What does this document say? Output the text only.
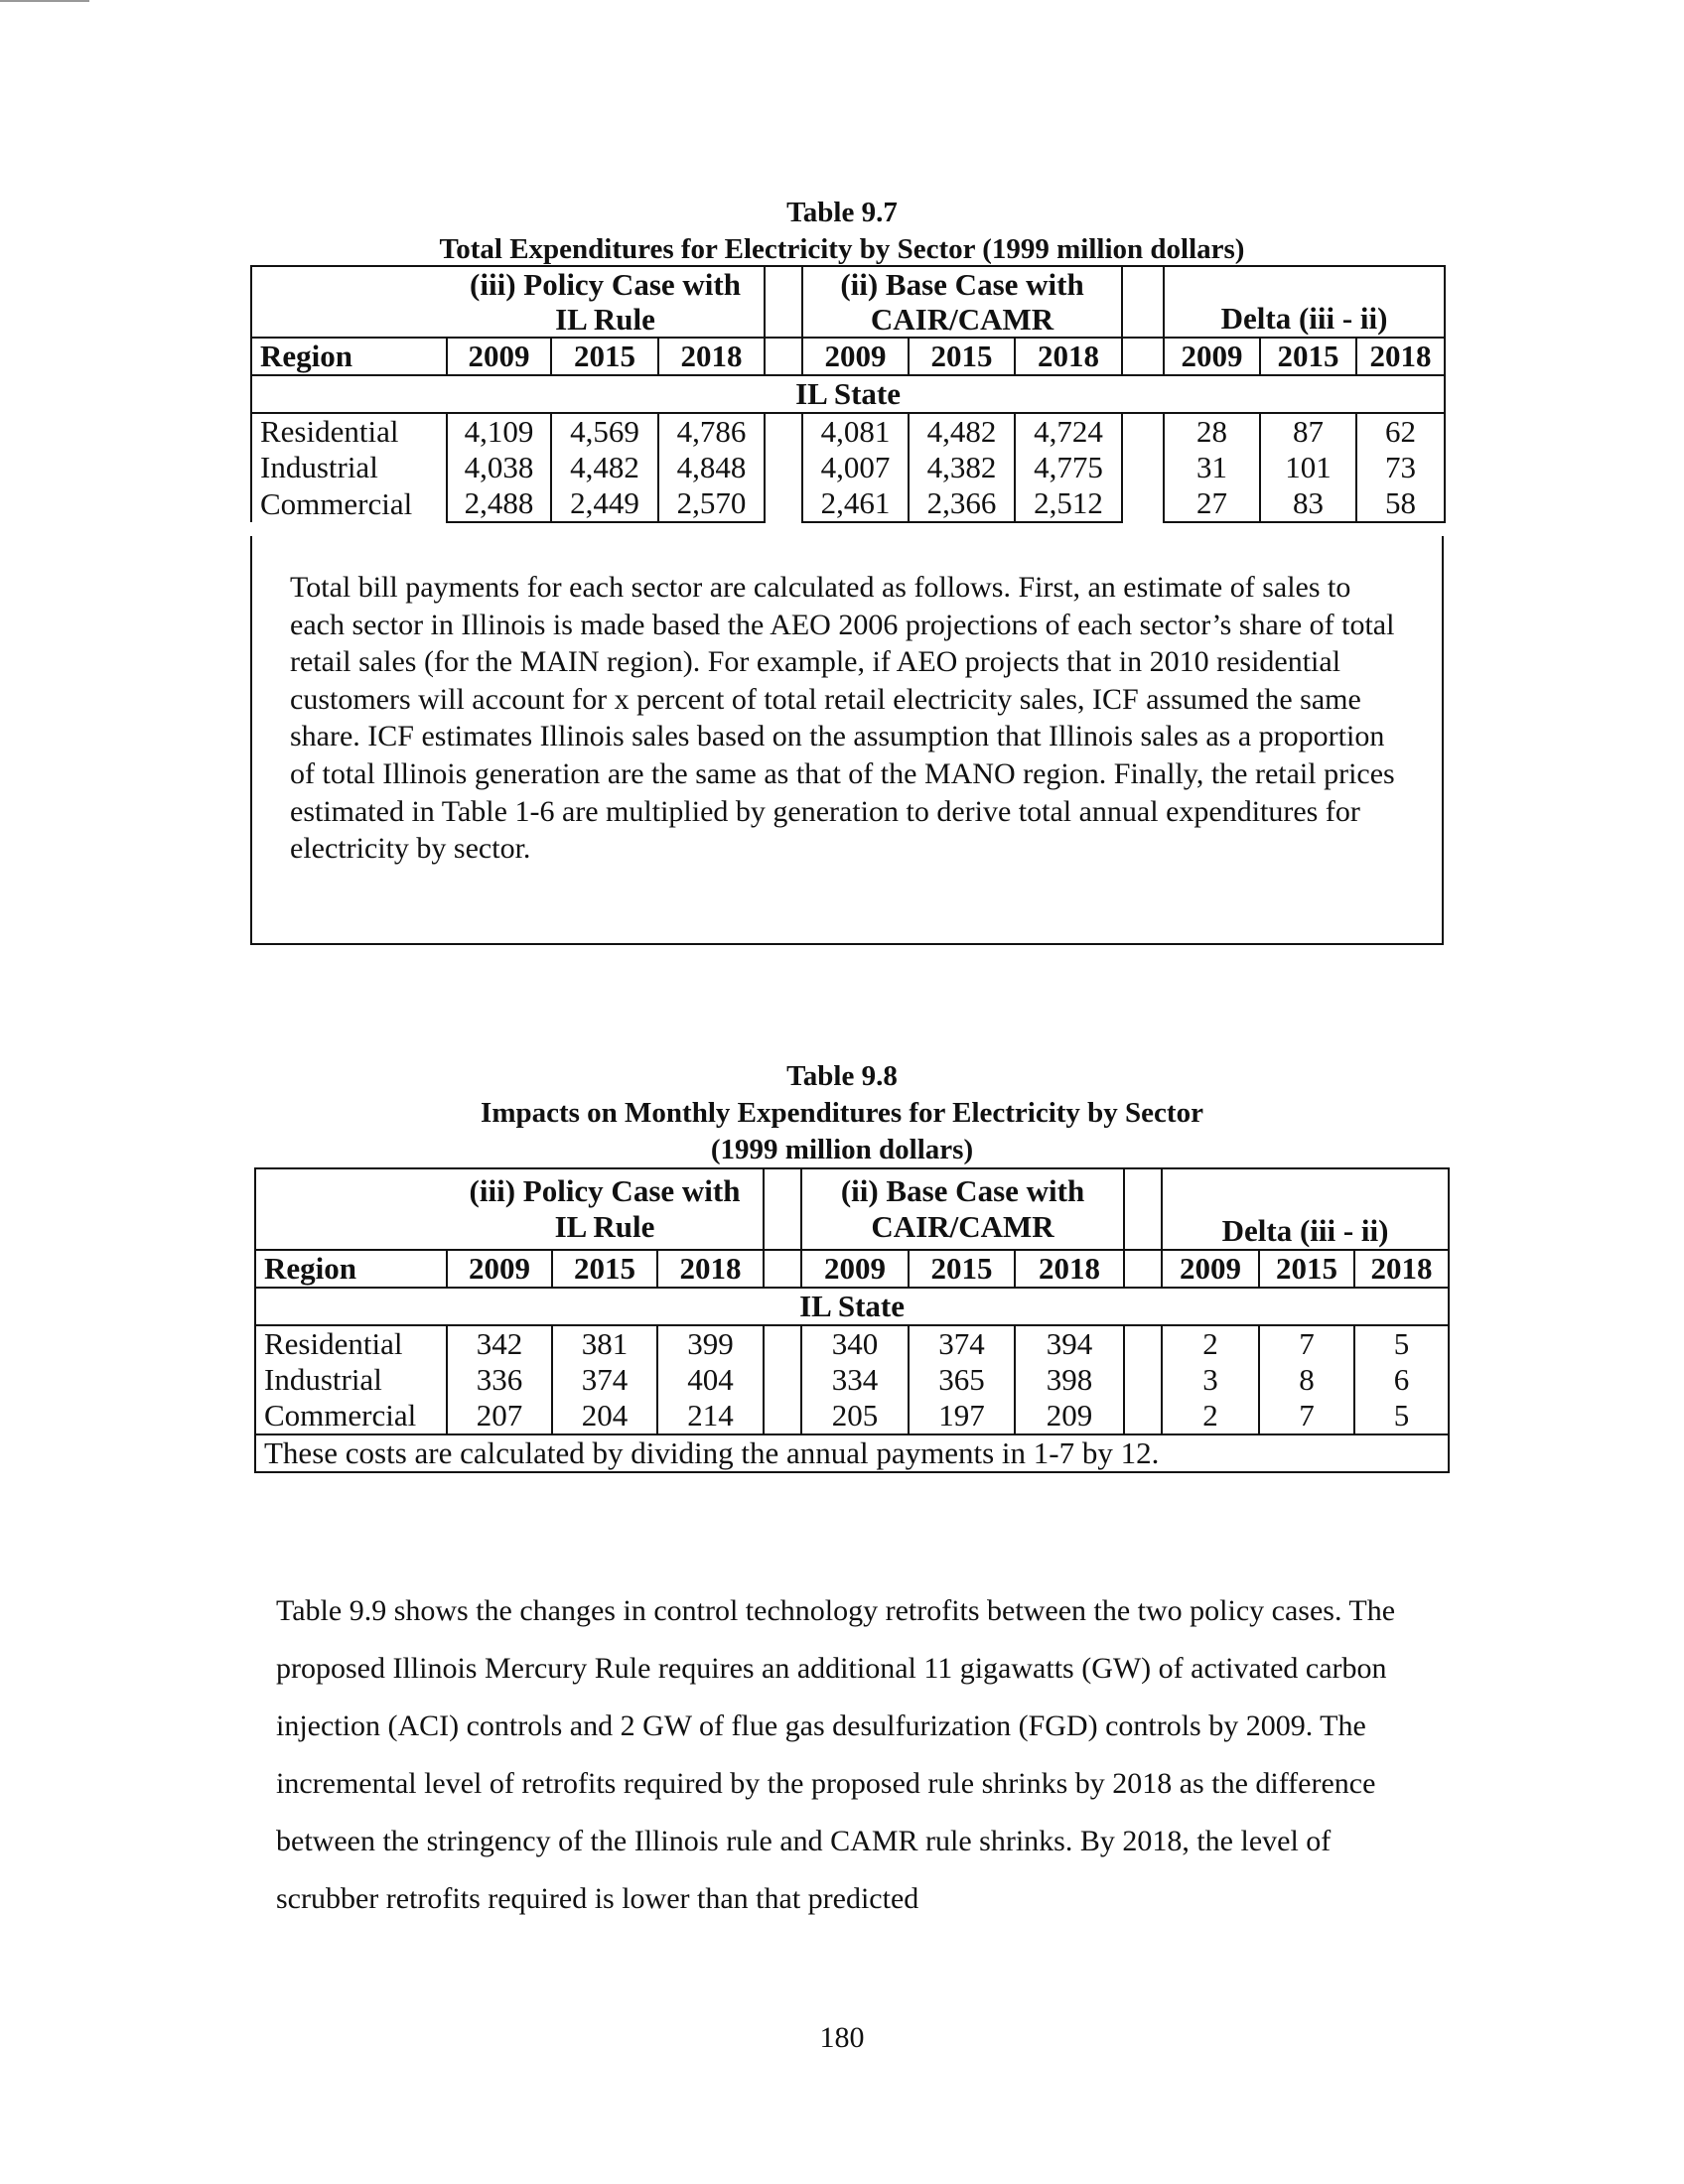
Table 9.7
Total Expenditures for Electricity by Sector (1999 million dollars)
	(iii) Policy Case with IL Rule				(ii) Base Case with CAIR/CAMR				Delta (iii - ii)		
Region	2009	2015	2018		2009	2015	2018		2009	2015	2018
IL State											
Residential	4,109	4,569	4,786		4,081	4,482	4,724		28	87	62
Industrial	4,038	4,482	4,848		4,007	4,382	4,775		31	101	73
Commercial	2,488	2,449	2,570		2,461	2,366	2,512		27	83	58
Total bill payments for each sector are calculated as follows. First, an estimate of sales to each sector in Illinois is made based the AEO 2006 projections of each sector’s share of total retail sales (for the MAIN region). For example, if AEO projects that in 2010 residential customers will account for x percent of total retail electricity sales, ICF assumed the same share. ICF estimates Illinois sales based on the assumption that Illinois sales as a proportion of total Illinois generation are the same as that of the MANO region. Finally, the retail prices estimated in Table 1-6 are multiplied by generation to derive total annual expenditures for electricity by sector.
Table 9.8
Impacts on Monthly Expenditures for Electricity by Sector
(1999 million dollars)
	(iii) Policy Case with IL Rule				(ii) Base Case with CAIR/CAMR				Delta (iii - ii)		
Region	2009	2015	2018		2009	2015	2018		2009	2015	2018
IL State											
Residential	342	381	399		340	374	394		2	7	5
Industrial	336	374	404		334	365	398		3	8	6
Commercial	207	204	214		205	197	209		2	7	5
These costs are calculated by dividing the annual payments in 1-7 by 12.											
Table 9.9 shows the changes in control technology retrofits between the two policy cases. The proposed Illinois Mercury Rule requires an additional 11 gigawatts (GW) of activated carbon injection (ACI) controls and 2 GW of flue gas desulfurization (FGD) controls by 2009. The incremental level of retrofits required by the proposed rule shrinks by 2018 as the difference between the stringency of the Illinois rule and CAMR rule shrinks. By 2018, the level of scrubber retrofits required is lower than that predicted
180
